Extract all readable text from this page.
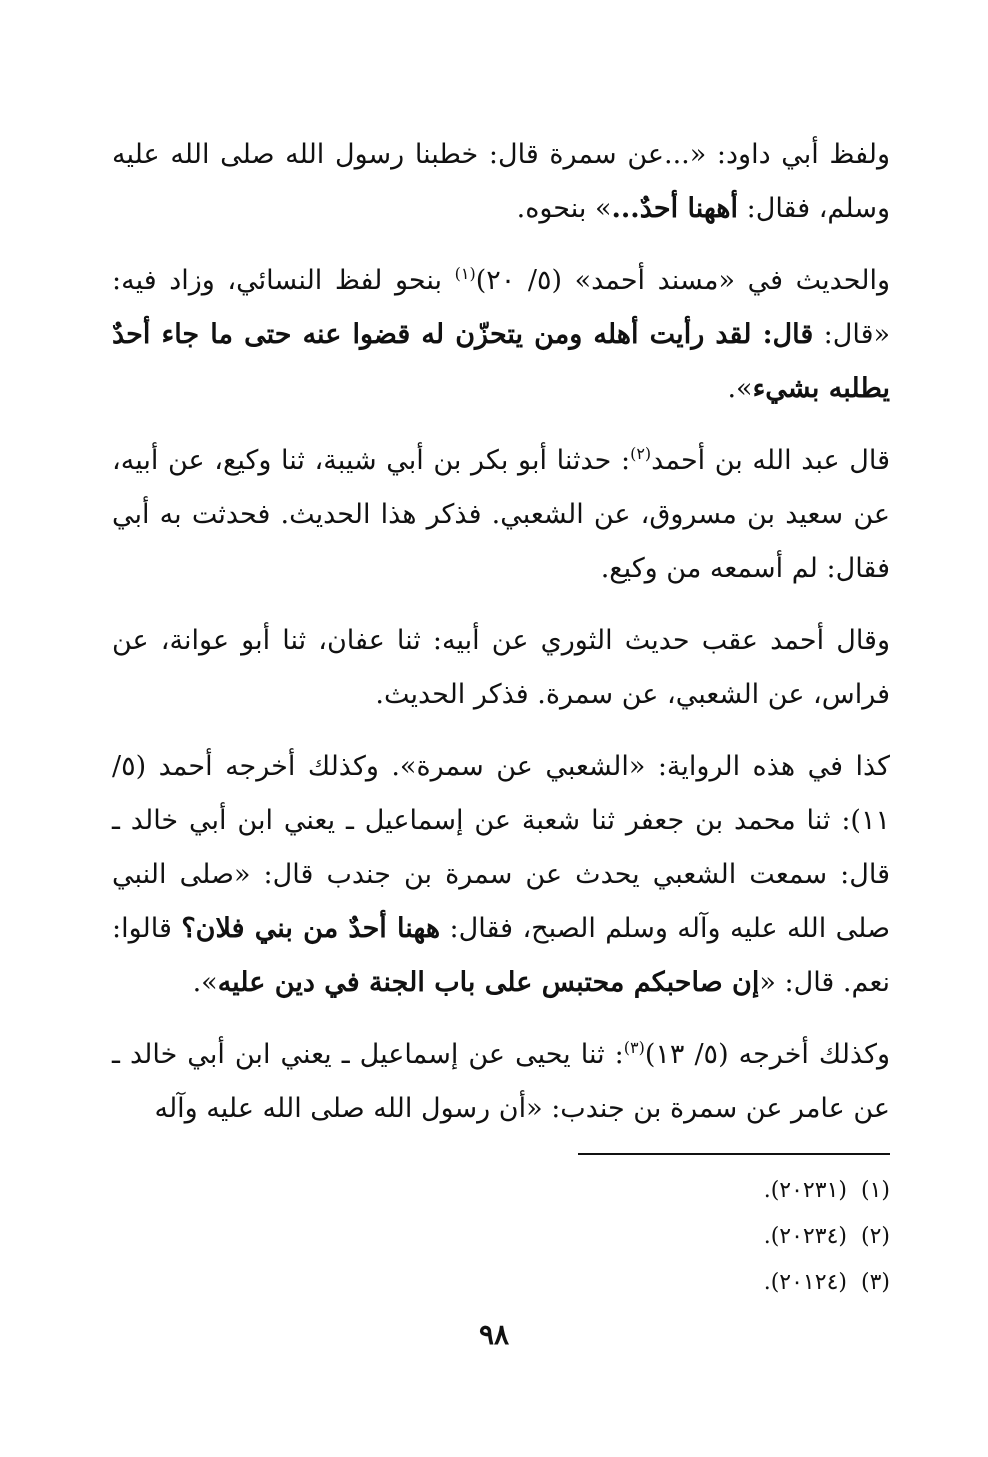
ولفظ أبي داود: «...عن سمرة قال: خطبنا رسول الله صلى الله عليه وسلم، فقال: أههنا أحدٌ...» بنحوه.

والحديث في «مسند أحمد» (٥/ ٢٠)$^{(١)}$ بنحو لفظ النسائي، وزاد فيه: «قال: قال: لقد رأيت أهله ومن يتحزّن له قضوا عنه حتى ما جاء أحدٌ يطلبه بشيء».

قال عبد الله بن أحمد$^{(٢)}$: حدثنا أبو بكر بن أبي شيبة، ثنا وكيع، عن أبيه، عن سعيد بن مسروق، عن الشعبي. فذكر هذا الحديث. فحدثت به أبي فقال: لم أسمعه من وكيع.

وقال أحمد عقب حديث الثوري عن أبيه: ثنا عفان، ثنا أبو عوانة، عن فراس، عن الشعبي، عن سمرة. فذكر الحديث.

كذا في هذه الرواية: «الشعبي عن سمرة». وكذلك أخرجه أحمد (٥/ ١١): ثنا محمد بن جعفر ثنا شعبة عن إسماعيل ـ يعني ابن أبي خالد ـ قال: سمعت الشعبي يحدث عن سمرة بن جندب قال: «صلى النبي صلى الله عليه وآله وسلم الصبح، فقال: ههنا أحدٌ من بني فلان؟ قالوا: نعم. قال: «إن صاحبكم محتبس على باب الجنة في دين عليه».

وكذلك أخرجه (٥/ ١٣)$^{(٣)}$: ثنا يحيى عن إسماعيل ـ يعني ابن أبي خالد ـ عن عامر عن سمرة بن جندب: «أن رسول الله صلى الله عليه وآله

(١)(٢٠٢٣١).
(٢)(٢٠٢٣٤).
(٣)(٢٠١٢٤).
٩٨
